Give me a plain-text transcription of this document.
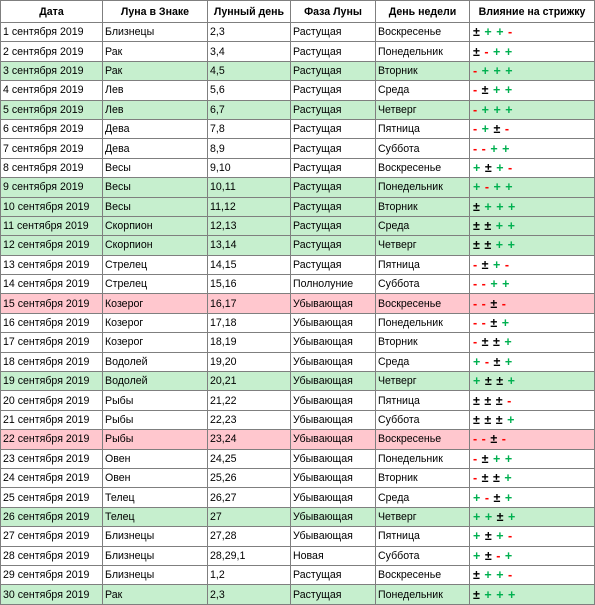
Дата	Луна в Знаке	Лунный день	Фаза Луны	День недели	Влияние на стрижку
1 сентября 2019	Близнецы	2,3	Растущая	Воскресенье	± + + -
2 сентября 2019	Рак	3,4	Растущая	Понедельник	± - + +
3 сентября 2019	Рак	4,5	Растущая	Вторник	- + + +
4 сентября 2019	Лев	5,6	Растущая	Среда	- ± + +
5 сентября 2019	Лев	6,7	Растущая	Четверг	- + + +
6 сентября 2019	Дева	7,8	Растущая	Пятница	- + ± -
7 сентября 2019	Дева	8,9	Растущая	Суббота	- - + +
8 сентября 2019	Весы	9,10	Растущая	Воскресенье	+ ± + -
9 сентября 2019	Весы	10,11	Растущая	Понедельник	+ - + +
10 сентября 2019	Весы	11,12	Растущая	Вторник	± + + +
11 сентября 2019	Скорпион	12,13	Растущая	Среда	± ± + +
12 сентября 2019	Скорпион	13,14	Растущая	Четверг	± ± + +
13 сентября 2019	Стрелец	14,15	Растущая	Пятница	- ± + -
14 сентября 2019	Стрелец	15,16	Полнолуние	Суббота	- - + +
15 сентября 2019	Козерог	16,17	Убывающая	Воскресенье	- - ± -
16 сентября 2019	Козерог	17,18	Убывающая	Понедельник	- - ± +
17 сентября 2019	Козерог	18,19	Убывающая	Вторник	- ± ± +
18 сентября 2019	Водолей	19,20	Убывающая	Среда	+ - ± +
19 сентября 2019	Водолей	20,21	Убывающая	Четверг	+ ± ± +
20 сентября 2019	Рыбы	21,22	Убывающая	Пятница	± ± ± -
21 сентября 2019	Рыбы	22,23	Убывающая	Суббота	± ± ± +
22 сентября 2019	Рыбы	23,24	Убывающая	Воскресенье	- - ± -
23 сентября 2019	Овен	24,25	Убывающая	Понедельник	- ± + +
24 сентября 2019	Овен	25,26	Убывающая	Вторник	- ± ± +
25 сентября 2019	Телец	26,27	Убывающая	Среда	+ - ± +
26 сентября 2019	Телец	27	Убывающая	Четверг	+ + ± +
27 сентября 2019	Близнецы	27,28	Убывающая	Пятница	+ ± + -
28 сентября 2019	Близнецы	28,29,1	Новая	Суббота	+ ± - +
29 сентября 2019	Близнецы	1,2	Растущая	Воскресенье	± + + -
30 сентября 2019	Рак	2,3	Растущая	Понедельник	± + + +
